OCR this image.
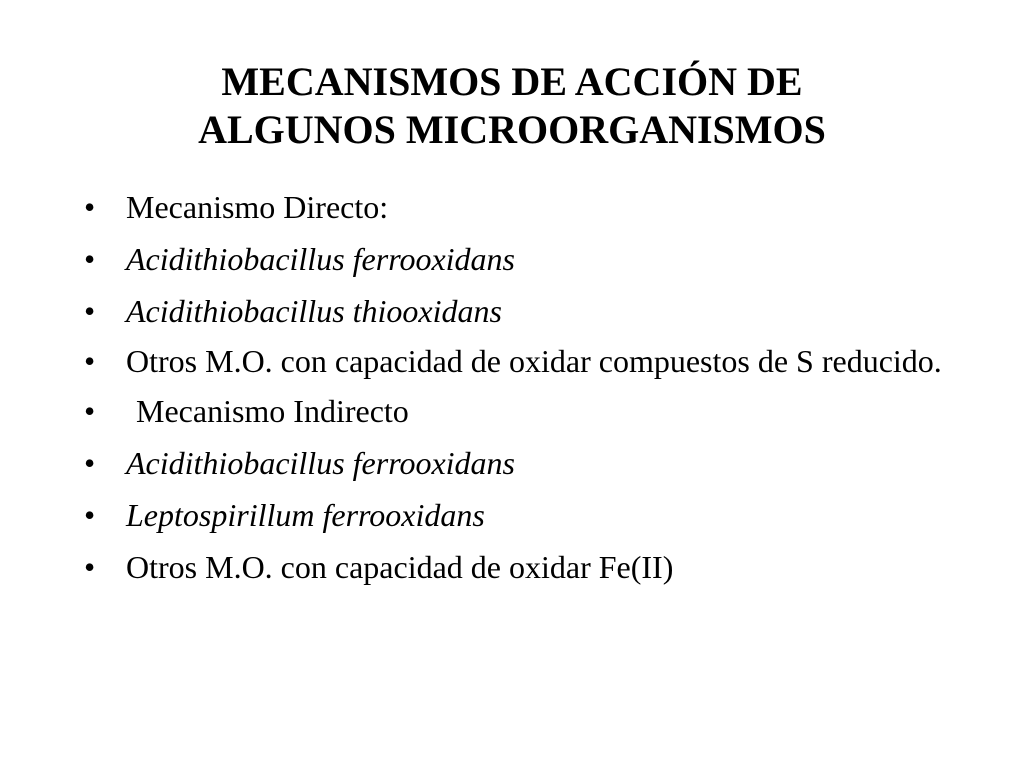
MECANISMOS DE ACCIÓN DE
ALGUNOS MICROORGANISMOS
• Mecanismo Directo:
• Acidithiobacillus ferrooxidans
• Acidithiobacillus thiooxidans
• Otros M.O. con capacidad de oxidar compuestos de S reducido.
• Mecanismo Indirecto
• Acidithiobacillus ferrooxidans
• Leptospirillum ferrooxidans
• Otros M.O. con capacidad de oxidar Fe(II)
